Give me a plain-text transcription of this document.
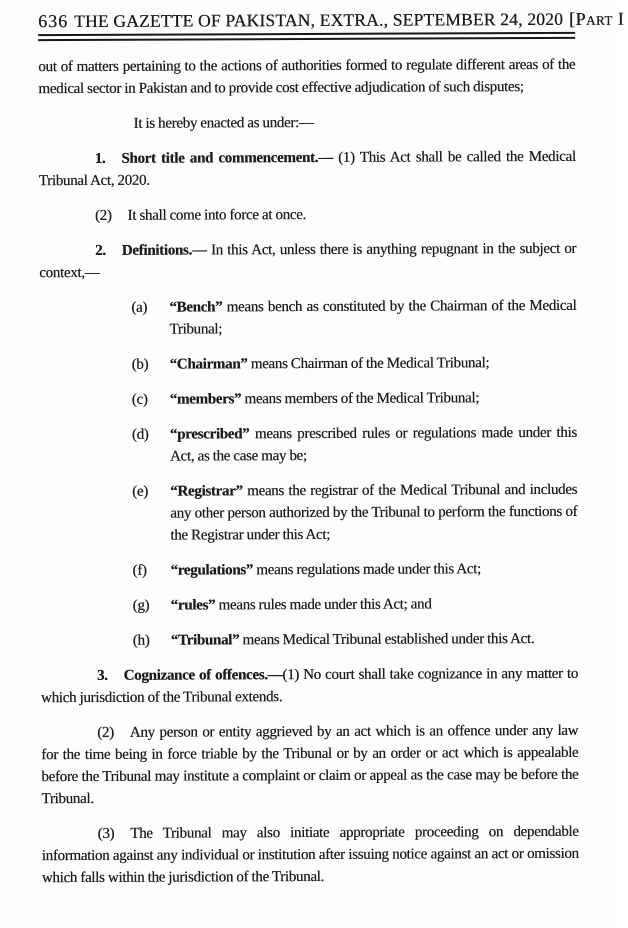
636 THE GAZETTE OF PAKISTAN, EXTRA., SEPTEMBER 24, 2020 [Part I

out of matters pertaining to the actions of authorities formed to regulate different areas of the medical sector in Pakistan and to provide cost effective adjudication of such disputes;

It is hereby enacted as under:—

1. Short title and commencement.— (1) This Act shall be called the Medical Tribunal Act, 2020.

(2) It shall come into force at once.

2. Definitions.— In this Act, unless there is anything repugnant in the subject or context,—

(a)	“Bench” means bench as constituted by the Chairman of the Medical Tribunal;
(b)	“Chairman” means Chairman of the Medical Tribunal;
(c)	“members” means members of the Medical Tribunal;
(d)	“prescribed” means prescribed rules or regulations made under this Act, as the case may be;
(e)	“Registrar” means the registrar of the Medical Tribunal and includes any other person authorized by the Tribunal to perform the functions of the Registrar under this Act;
(f)	“regulations” means regulations made under this Act;
(g)	“rules” means rules made under this Act; and
(h)	“Tribunal” means Medical Tribunal established under this Act.

3. Cognizance of offences.—(1) No court shall take cognizance in any matter to which jurisdiction of the Tribunal extends.

(2) Any person or entity aggrieved by an act which is an offence under any law for the time being in force triable by the Tribunal or by an order or act which is appealable before the Tribunal may institute a complaint or claim or appeal as the case may be before the Tribunal.

(3) The Tribunal may also initiate appropriate proceeding on dependable information against any individual or institution after issuing notice against an act or omission which falls within the jurisdiction of the Tribunal.
